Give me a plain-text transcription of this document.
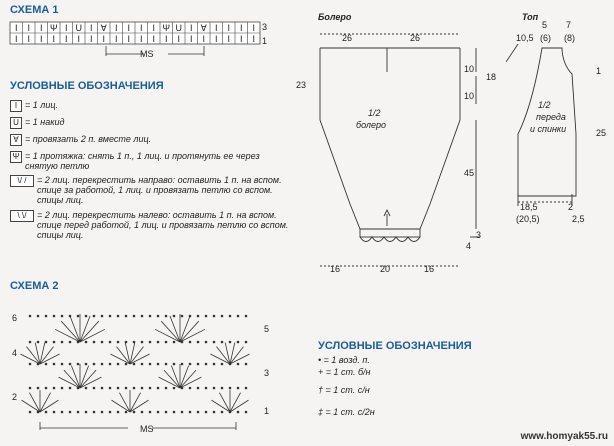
СХЕМА 1
I
I
I
I
I
I
Ψ
I
I
I
U
I
I
I
∀
I
I
I
I
I
I
I
I
I
Ψ
I
U
I
I
I
∀
I
I
I
I
I
I
I
I
I
MS
3
1
УСЛОВНЫЕ ОБОЗНАЧЕНИЯ
I = 1 лиц.
U = 1 накид
∀ = провязать 2 п. вместе лиц.
Ψ = 1 протяжка: снять 1 п., 1 лиц. и протянуть ее через снятую петлю
\/ / = 2 лиц. перекрестить направо: оставить 1 п. на вспом. спице за работой, 1 лиц. и провязать петлю со вспом. спицы лиц.
\ \/ = 2 лиц. перекрестить налево: оставить 1 п. на вспом. спице перед работой, 1 лиц. и провязать петлю со вспом. спицы лиц.
СХЕМА 2
6
4
2
5
3
1
MS
Болеро
26	26
23
10
18
10
45
3
4
1/2
болеро
16	20	16
Топ
5 7
10,5 (6) (8)
1/2
переда
и спинки	25
1
18,5
(20,5)
2
2,5
УСЛОВНЫЕ ОБОЗНАЧЕНИЯ
• = 1 возд. п.
+ = 1 ст. б/н
† = 1 ст. с/н
‡ = 1 ст. с/2н
www.homyak55.ru
